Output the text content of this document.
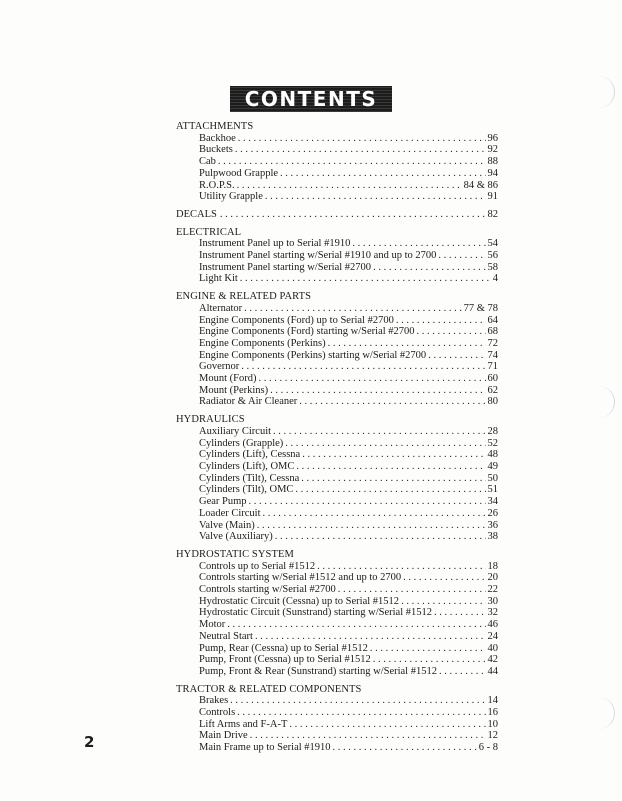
CONTENTS
ATTACHMENTS
Backhoe . . .	96
Buckets . . .	92
Cab . . .	88
Pulpwood Grapple . . .	94
R.O.P.S. . . .	84 & 86
Utility Grapple . . .	91
DECALS . . .	82
ELECTRICAL
Instrument Panel up to Serial #1910 . . .	54
Instrument Panel starting w/Serial #1910 and up to 2700 . . .	56
Instrument Panel starting w/Serial #2700 . . .	58
Light Kit . . .	4
ENGINE & RELATED PARTS
Alternator . . .	77 & 78
Engine Components (Ford) up to Serial #2700 . . .	64
Engine Components (Ford) starting w/Serial #2700 . . .	68
Engine Components (Perkins) . . .	72
Engine Components (Perkins) starting w/Serial #2700 . . .	74
Governor . . .	71
Mount (Ford) . . .	60
Mount (Perkins) . . .	62
Radiator & Air Cleaner . . .	80
HYDRAULICS
Auxiliary Circuit . . .	28
Cylinders (Grapple) . . .	52
Cylinders (Lift), Cessna . . .	48
Cylinders (Lift), OMC . . .	49
Cylinders (Tilt), Cessna . . .	50
Cylinders (Tilt), OMC . . .	51
Gear Pump . . .	34
Loader Circuit . . .	26
Valve (Main) . . .	36
Valve (Auxiliary) . . .	38
HYDROSTATIC SYSTEM
Controls up to Serial #1512 . . .	18
Controls starting w/Serial #1512 and up to 2700 . . .	20
Controls starting w/Serial #2700 . . .	22
Hydrostatic Circuit (Cessna) up to Serial #1512 . . .	30
Hydrostatic Circuit (Sunstrand) starting w/Serial #1512 . . .	32
Motor . . .	46
Neutral Start . . .	24
Pump, Rear (Cessna) up to Serial #1512 . . .	40
Pump, Front (Cessna) up to Serial #1512 . . .	42
Pump, Front & Rear (Sunstrand) starting w/Serial #1512 . . .	44
TRACTOR & RELATED COMPONENTS
Brakes . . .	14
Controls . . .	16
Lift Arms and F-A-T . . .	10
Main Drive . . .	12
Main Frame up to Serial #1910 . . .	6 - 8
2
